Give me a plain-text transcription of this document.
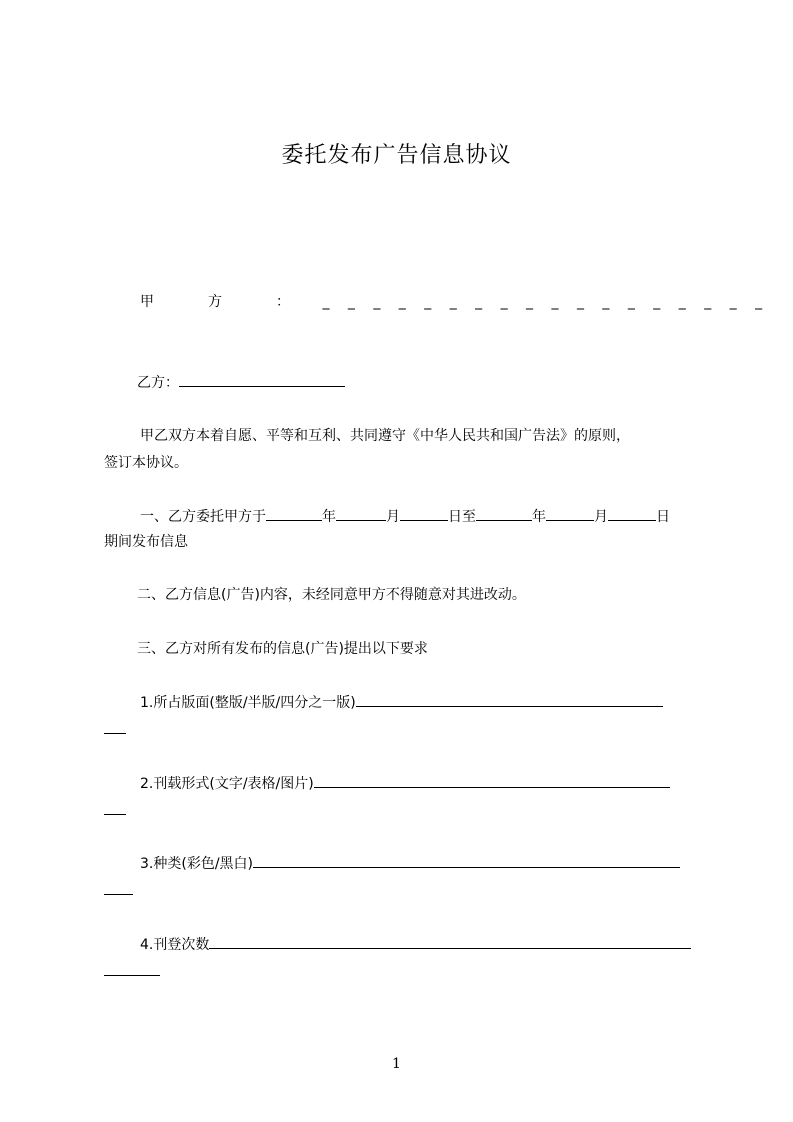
委托发布广告信息协议
甲　方　： _ _ _ _ _ _ _ _ _ _ _ _ _ _ _ _ _ _
乙方：
甲乙双方本着自愿、平等和互利、共同遵守《中华人民共和国广告法》的原则，
签订本协议。
一、乙方委托甲方于	年	月	日至	年	月	日
期间发布信息
二、乙方信息(广告)内容，未经同意甲方不得随意对其进改动。
三、乙方对所有发布的信息(广告)提出以下要求
1.所占版面(整版/半版/四分之一版)
2.刊载形式(文字/表格/图片)
3.种类(彩色/黑白)
4.刊登次数
1
